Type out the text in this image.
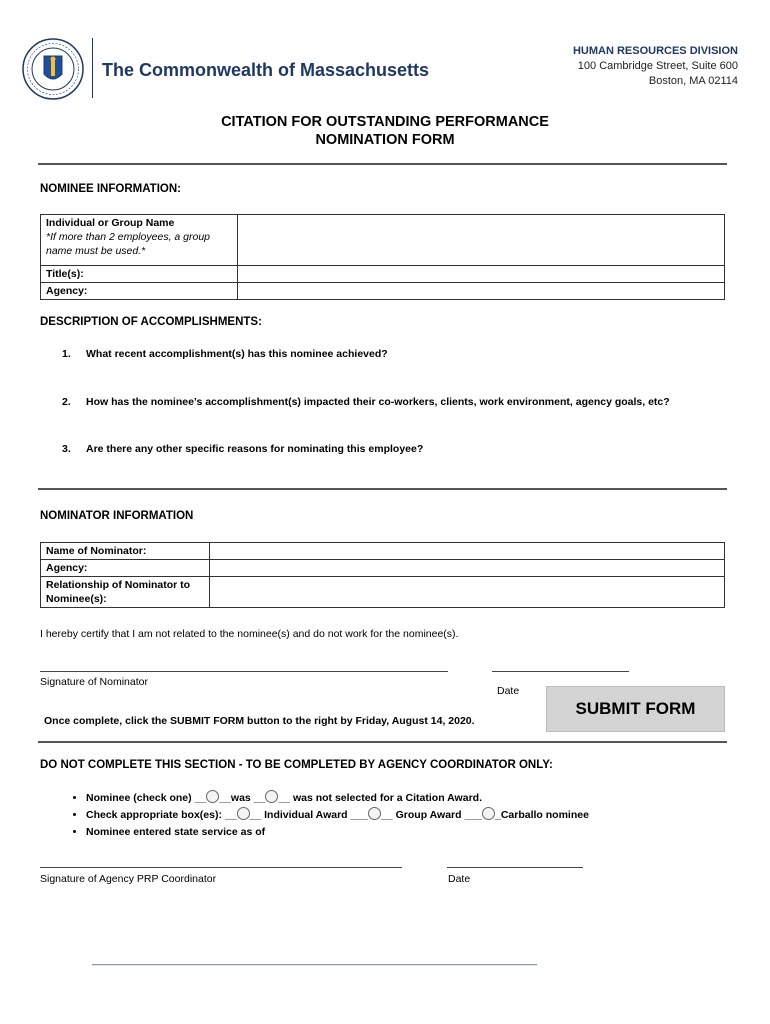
The Commonwealth of Massachusetts
HUMAN RESOURCES DIVISION
100 Cambridge Street, Suite 600
Boston, MA 02114
CITATION FOR OUTSTANDING PERFORMANCE
NOMINATION FORM
NOMINEE INFORMATION:
Individual or Group Name
*If more than 2 employees, a group name must be used.*	

Title(s):	
Agency:	
DESCRIPTION OF ACCOMPLISHMENTS:
1. What recent accomplishment(s) has this nominee achieved?
2. How has the nominee’s accomplishment(s) impacted their co-workers, clients, work environment, agency goals, etc?
3. Are there any other specific reasons for nominating this employee?
NOMINATOR INFORMATION
Name of Nominator:	
Agency:	
Relationship of Nominator to Nominee(s):	
I hereby certify that I am not related to the nominee(s) and do not work for the nominee(s).
Signature of Nominator
Date
Once complete, click the SUBMIT FORM button to the right by Friday, August 14, 2020.
SUBMIT FORM
DO NOT COMPLETE THIS SECTION - TO BE COMPLETED BY AGENCY COORDINATOR ONLY:
• Nominee (check one) __ __was __ __ was not selected for a Citation Award.
• Check appropriate box(es): __ __ Individual Award ___ __ Group Award ___ _Carballo nominee
• Nominee entered state service as of
Signature of Agency PRP Coordinator	Date
________________________________________________________________________________
